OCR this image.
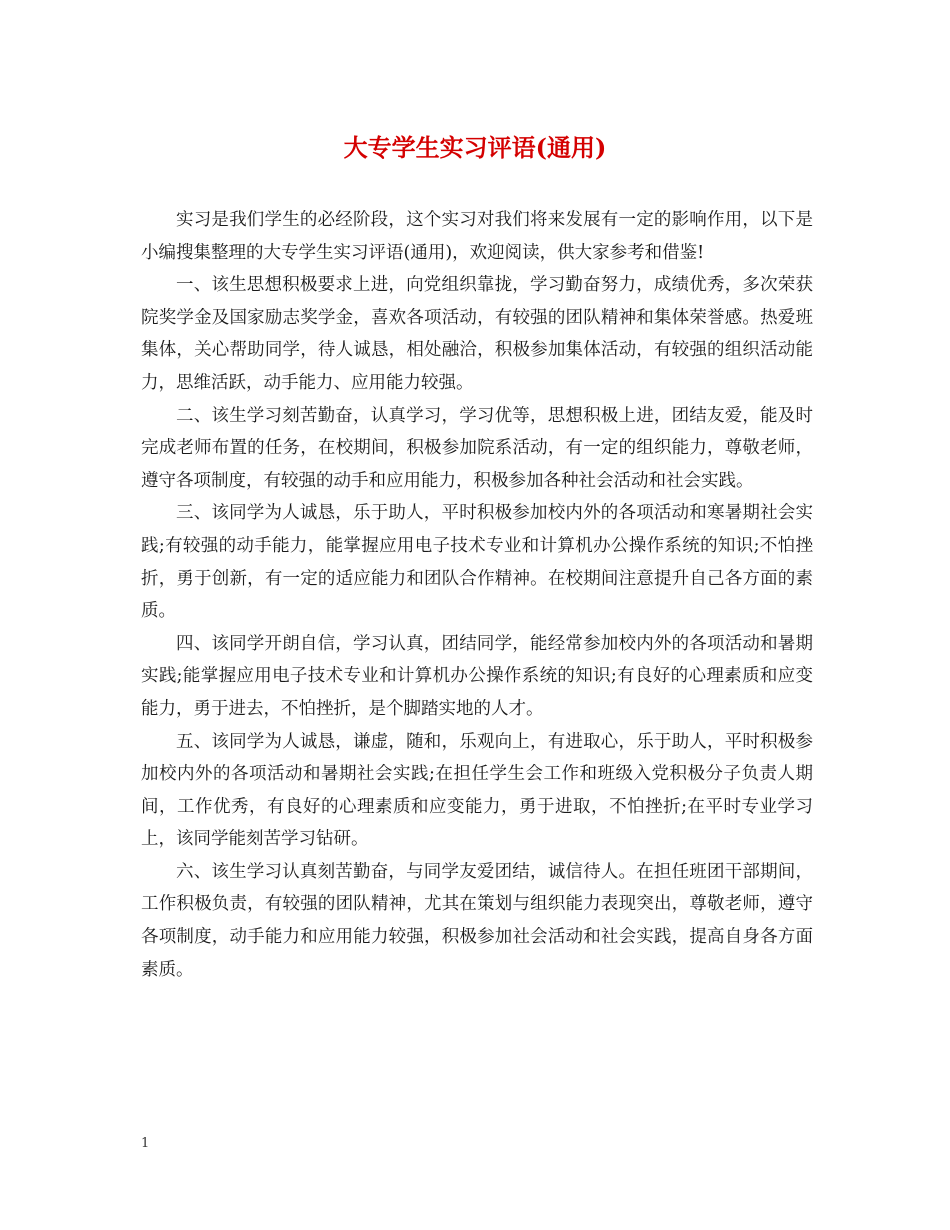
大专学生实习评语(通用)

实习是我们学生的必经阶段，这个实习对我们将来发展有一定的影响作用，以下是小编搜集整理的大专学生实习评语(通用)，欢迎阅读，供大家参考和借鉴!

一、该生思想积极要求上进，向党组织靠拢，学习勤奋努力，成绩优秀，多次荣获院奖学金及国家励志奖学金，喜欢各项活动，有较强的团队精神和集体荣誉感。热爱班集体，关心帮助同学，待人诚恳，相处融洽，积极参加集体活动，有较强的组织活动能力，思维活跃，动手能力、应用能力较强。

二、该生学习刻苦勤奋，认真学习，学习优等，思想积极上进，团结友爱，能及时完成老师布置的任务，在校期间，积极参加院系活动，有一定的组织能力，尊敬老师，遵守各项制度，有较强的动手和应用能力，积极参加各种社会活动和社会实践。

三、该同学为人诚恳，乐于助人，平时积极参加校内外的各项活动和寒暑期社会实践;有较强的动手能力，能掌握应用电子技术专业和计算机办公操作系统的知识;不怕挫折，勇于创新，有一定的适应能力和团队合作精神。在校期间注意提升自己各方面的素质。

四、该同学开朗自信，学习认真，团结同学，能经常参加校内外的各项活动和暑期实践;能掌握应用电子技术专业和计算机办公操作系统的知识;有良好的心理素质和应变能力，勇于进去，不怕挫折，是个脚踏实地的人才。

五、该同学为人诚恳，谦虚，随和，乐观向上，有进取心，乐于助人，平时积极参加校内外的各项活动和暑期社会实践;在担任学生会工作和班级入党积极分子负责人期间，工作优秀，有良好的心理素质和应变能力，勇于进取，不怕挫折;在平时专业学习上，该同学能刻苦学习钻研。

六、该生学习认真刻苦勤奋，与同学友爱团结，诚信待人。在担任班团干部期间，工作积极负责，有较强的团队精神，尤其在策划与组织能力表现突出，尊敬老师，遵守各项制度，动手能力和应用能力较强，积极参加社会活动和社会实践，提高自身各方面素质。

1
